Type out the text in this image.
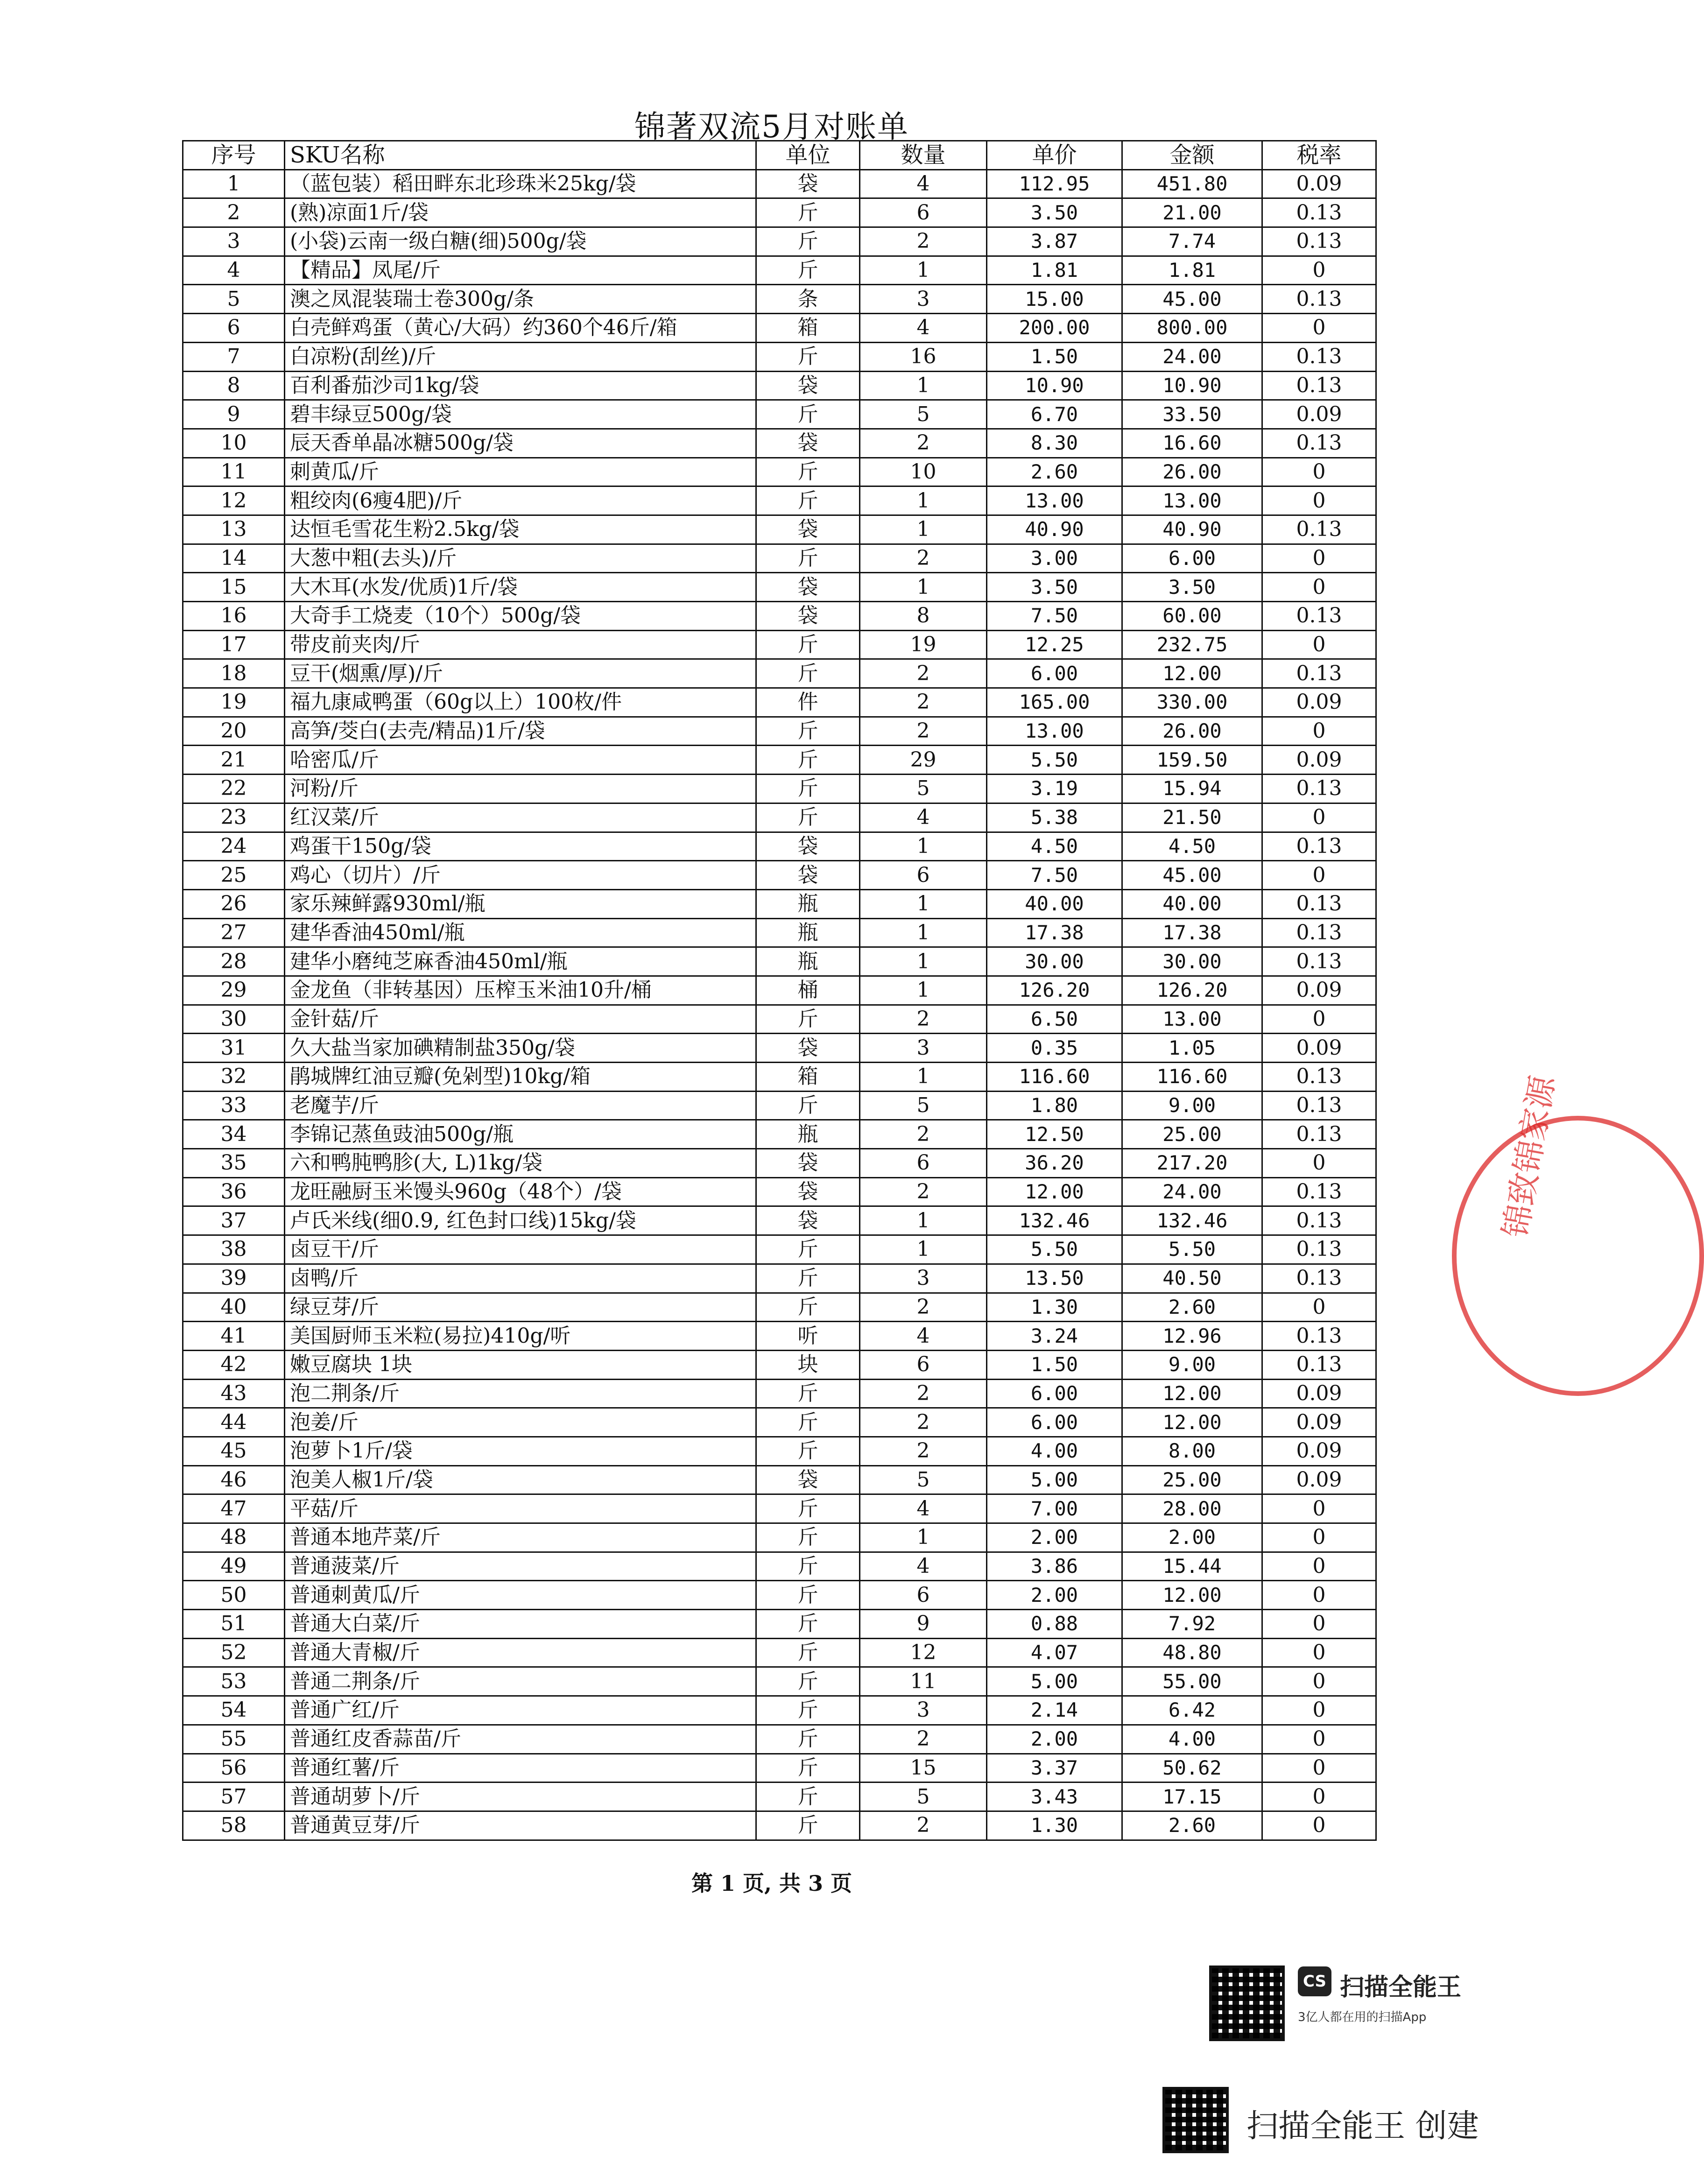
锦著双流5月对账单
序号	SKU名称	单位	数量	单价	金额	税率
1	（蓝包装）稻田畔东北珍珠米25kg/袋	袋	4	112.95	451.80	0.09
2	(熟)凉面1斤/袋	斤	6	3.50	21.00	0.13
3	(小袋)云南一级白糖(细)500g/袋	斤	2	3.87	7.74	0.13
4	【精品】凤尾/斤	斤	1	1.81	1.81	0
5	澳之凤混装瑞士卷300g/条	条	3	15.00	45.00	0.13
6	白壳鲜鸡蛋（黄心/大码）约360个46斤/箱	箱	4	200.00	800.00	0
7	白凉粉(刮丝)/斤	斤	16	1.50	24.00	0.13
8	百利番茄沙司1kg/袋	袋	1	10.90	10.90	0.13
9	碧丰绿豆500g/袋	斤	5	6.70	33.50	0.09
10	辰天香单晶冰糖500g/袋	袋	2	8.30	16.60	0.13
11	刺黄瓜/斤	斤	10	2.60	26.00	0
12	粗绞肉(6瘦4肥)/斤	斤	1	13.00	13.00	0
13	达恒毛雪花生粉2.5kg/袋	袋	1	40.90	40.90	0.13
14	大葱中粗(去头)/斤	斤	2	3.00	6.00	0
15	大木耳(水发/优质)1斤/袋	袋	1	3.50	3.50	0
16	大奇手工烧麦（10个）500g/袋	袋	8	7.50	60.00	0.13
17	带皮前夹肉/斤	斤	19	12.25	232.75	0
18	豆干(烟熏/厚)/斤	斤	2	6.00	12.00	0.13
19	福九康咸鸭蛋（60g以上）100枚/件	件	2	165.00	330.00	0.09
20	高笋/茭白(去壳/精品)1斤/袋	斤	2	13.00	26.00	0
21	哈密瓜/斤	斤	29	5.50	159.50	0.09
22	河粉/斤	斤	5	3.19	15.94	0.13
23	红汉菜/斤	斤	4	5.38	21.50	0
24	鸡蛋干150g/袋	袋	1	4.50	4.50	0.13
25	鸡心（切片）/斤	袋	6	7.50	45.00	0
26	家乐辣鲜露930ml/瓶	瓶	1	40.00	40.00	0.13
27	建华香油450ml/瓶	瓶	1	17.38	17.38	0.13
28	建华小磨纯芝麻香油450ml/瓶	瓶	1	30.00	30.00	0.13
29	金龙鱼（非转基因）压榨玉米油10升/桶	桶	1	126.20	126.20	0.09
30	金针菇/斤	斤	2	6.50	13.00	0
31	久大盐当家加碘精制盐350g/袋	袋	3	0.35	1.05	0.09
32	鹃城牌红油豆瓣(免剁型)10kg/箱	箱	1	116.60	116.60	0.13
33	老魔芋/斤	斤	5	1.80	9.00	0.13
34	李锦记蒸鱼豉油500g/瓶	瓶	2	12.50	25.00	0.13
35	六和鸭肫鸭胗(大, L)1kg/袋	袋	6	36.20	217.20	0
36	龙旺融厨玉米馒头960g（48个）/袋	袋	2	12.00	24.00	0.13
37	卢氏米线(细0.9, 红色封口线)15kg/袋	袋	1	132.46	132.46	0.13
38	卤豆干/斤	斤	1	5.50	5.50	0.13
39	卤鸭/斤	斤	3	13.50	40.50	0.13
40	绿豆芽/斤	斤	2	1.30	2.60	0
41	美国厨师玉米粒(易拉)410g/听	听	4	3.24	12.96	0.13
42	嫩豆腐块 1块	块	6	1.50	9.00	0.13
43	泡二荆条/斤	斤	2	6.00	12.00	0.09
44	泡姜/斤	斤	2	6.00	12.00	0.09
45	泡萝卜1斤/袋	斤	2	4.00	8.00	0.09
46	泡美人椒1斤/袋	袋	5	5.00	25.00	0.09
47	平菇/斤	斤	4	7.00	28.00	0
48	普通本地芹菜/斤	斤	1	2.00	2.00	0
49	普通菠菜/斤	斤	4	3.86	15.44	0
50	普通刺黄瓜/斤	斤	6	2.00	12.00	0
51	普通大白菜/斤	斤	9	0.88	7.92	0
52	普通大青椒/斤	斤	12	4.07	48.80	0
53	普通二荆条/斤	斤	11	5.00	55.00	0
54	普通广红/斤	斤	3	2.14	6.42	0
55	普通红皮香蒜苗/斤	斤	2	2.00	4.00	0
56	普通红薯/斤	斤	15	3.37	50.62	0
57	普通胡萝卜/斤	斤	5	3.43	17.15	0
58	普通黄豆芽/斤	斤	2	1.30	2.60	0
第 1 页, 共 3 页
锦致锦家源
CS 扫描全能王
3亿人都在用的扫描App
扫描全能王 创建
